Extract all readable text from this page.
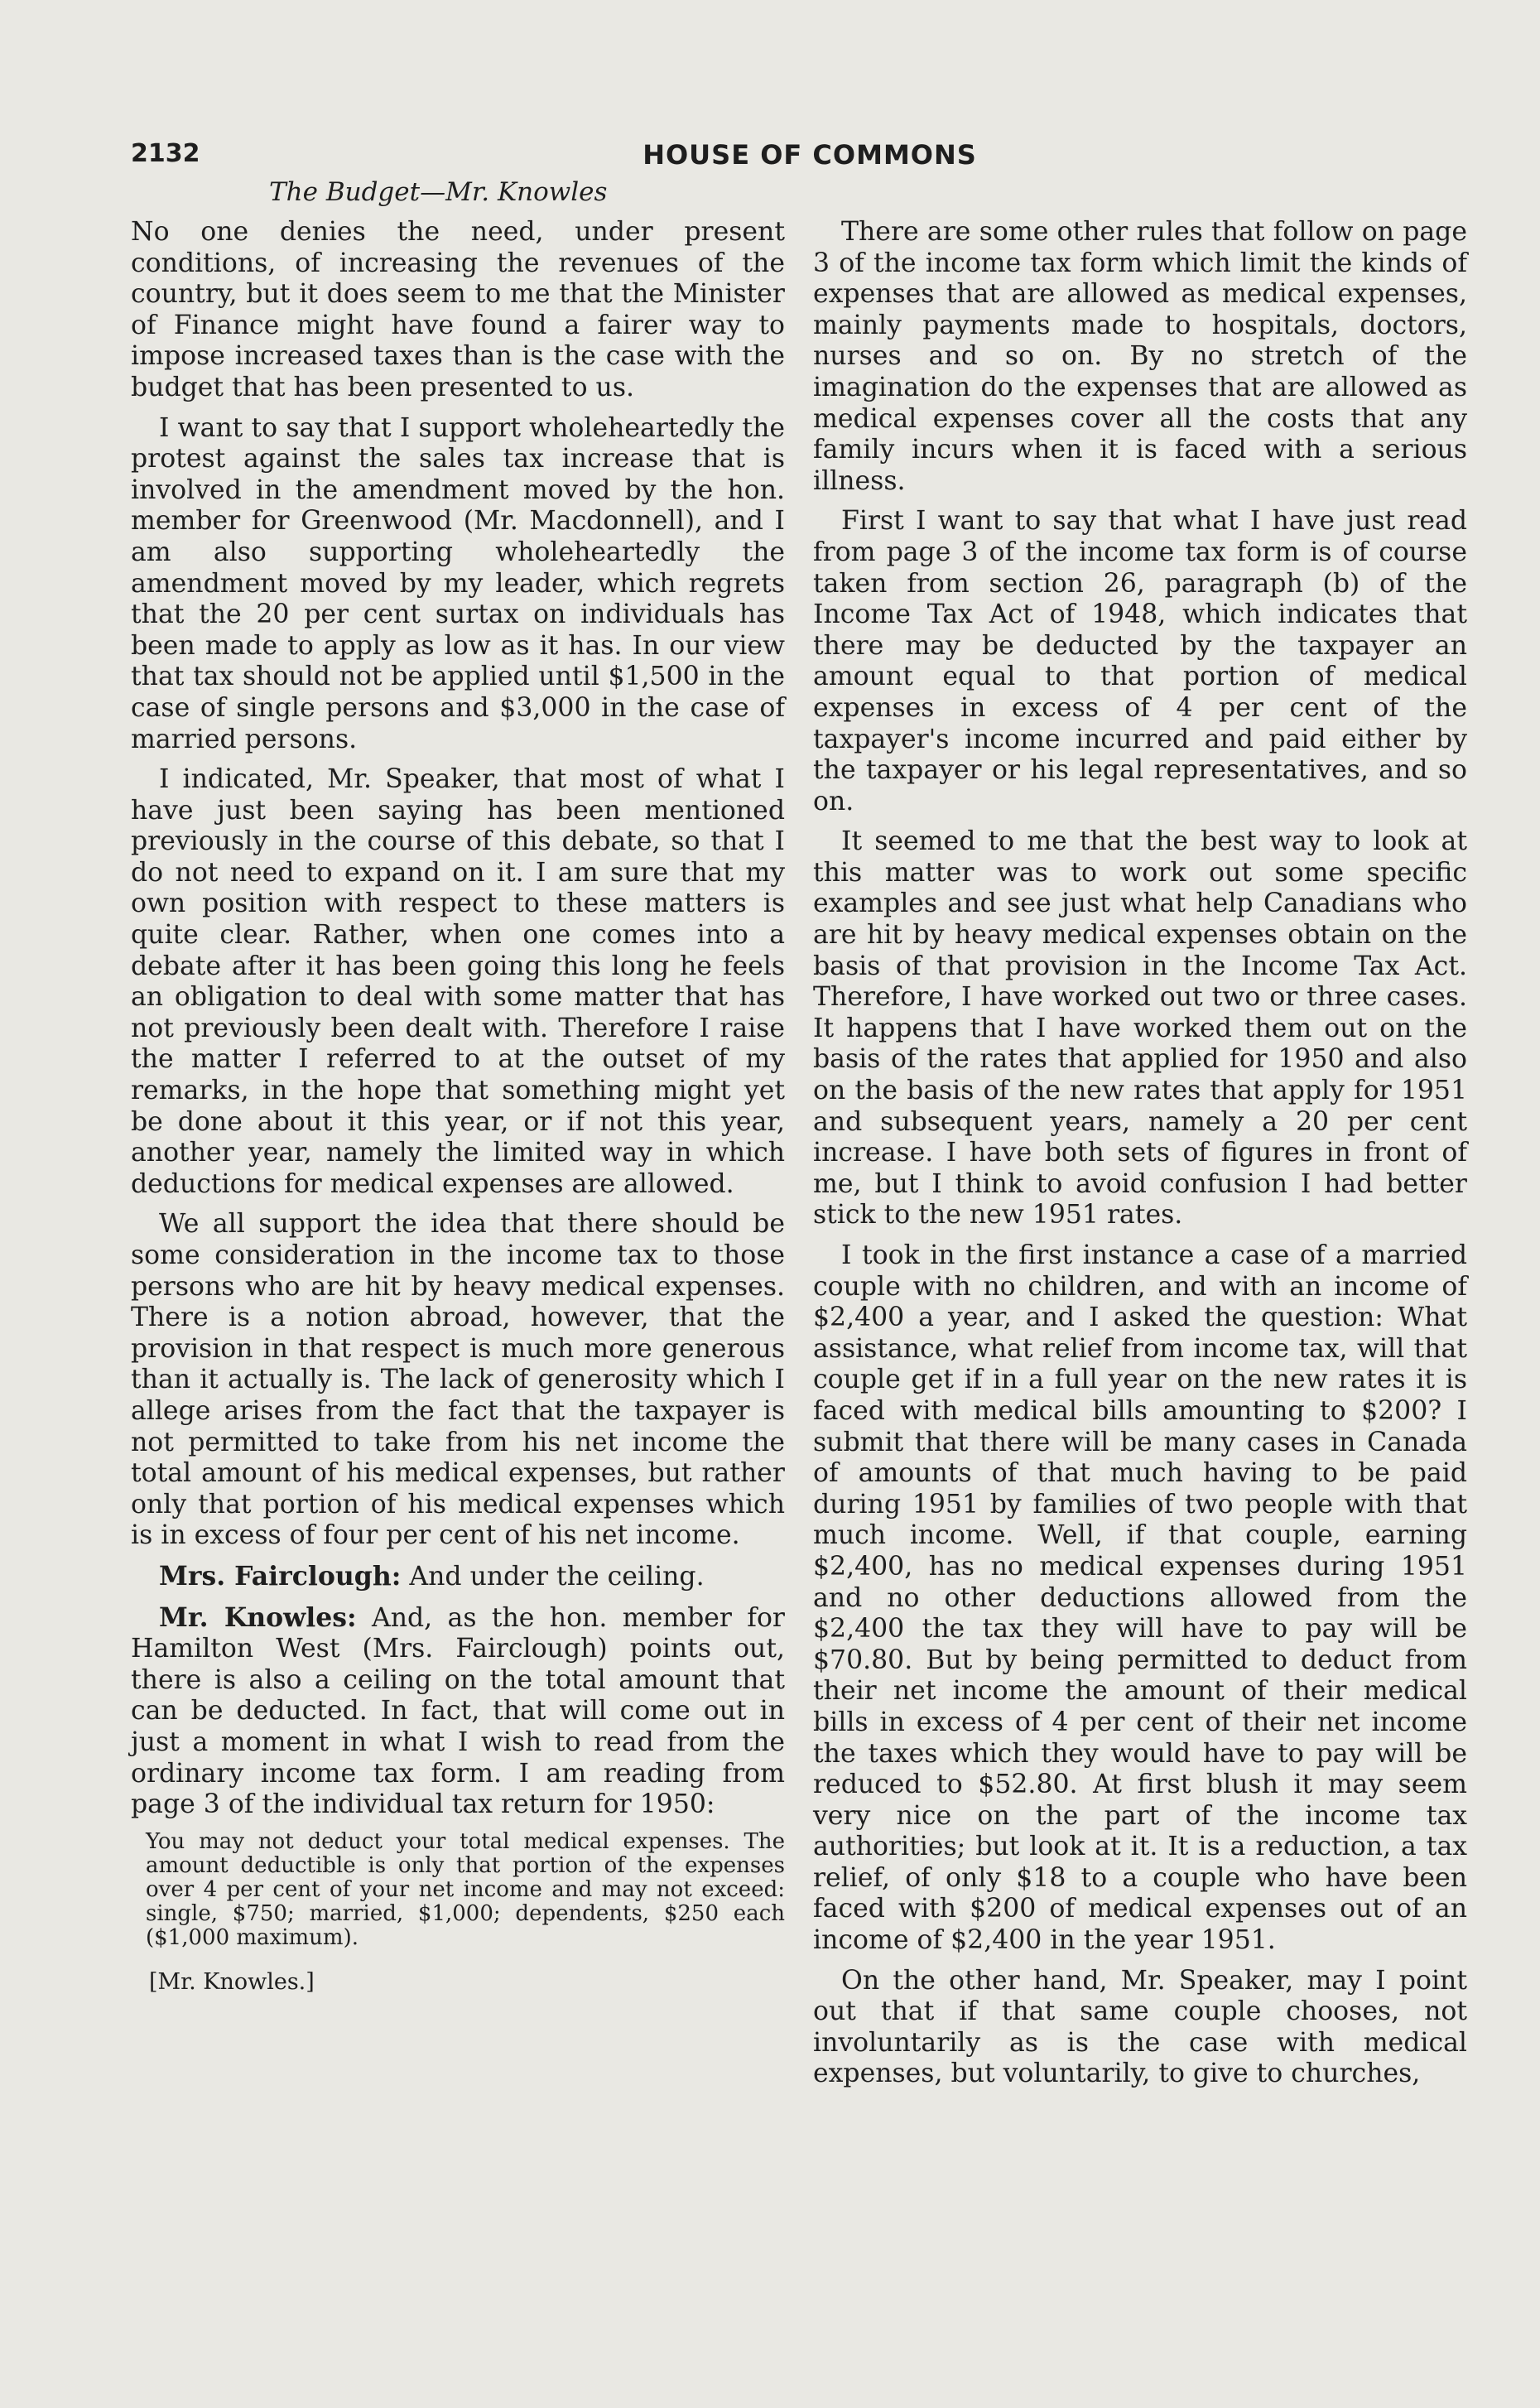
2132	HOUSE OF COMMONS
The Budget—Mr. Knowles

No one denies the need, under present conditions, of increasing the revenues of the country, but it does seem to me that the Minister of Finance might have found a fairer way to impose increased taxes than is the case with the budget that has been presented to us.

I want to say that I support wholeheartedly the protest against the sales tax increase that is involved in the amendment moved by the hon. member for Greenwood (Mr. Macdonnell), and I am also supporting wholeheartedly the amendment moved by my leader, which regrets that the 20 per cent surtax on individuals has been made to apply as low as it has. In our view that tax should not be applied until $1,500 in the case of single persons and $3,000 in the case of married persons.

I indicated, Mr. Speaker, that most of what I have just been saying has been mentioned previously in the course of this debate, so that I do not need to expand on it. I am sure that my own position with respect to these matters is quite clear. Rather, when one comes into a debate after it has been going this long he feels an obligation to deal with some matter that has not previously been dealt with. Therefore I raise the matter I referred to at the outset of my remarks, in the hope that something might yet be done about it this year, or if not this year, another year, namely the limited way in which deductions for medical expenses are allowed.

We all support the idea that there should be some consideration in the income tax to those persons who are hit by heavy medical expenses. There is a notion abroad, however, that the provision in that respect is much more generous than it actually is. The lack of generosity which I allege arises from the fact that the taxpayer is not permitted to take from his net income the total amount of his medical expenses, but rather only that portion of his medical expenses which is in excess of four per cent of his net income.

Mrs. Fairclough: And under the ceiling.

Mr. Knowles: And, as the hon. member for Hamilton West (Mrs. Fairclough) points out, there is also a ceiling on the total amount that can be deducted. In fact, that will come out in just a moment in what I wish to read from the ordinary income tax form. I am reading from page 3 of the individual tax return for 1950:

You may not deduct your total medical expenses. The amount deductible is only that portion of the expenses over 4 per cent of your net income and may not exceed: single, $750; married, $1,000; dependents, $250 each ($1,000 maximum).

[Mr. Knowles.]

There are some other rules that follow on page 3 of the income tax form which limit the kinds of expenses that are allowed as medical expenses, mainly payments made to hospitals, doctors, nurses and so on. By no stretch of the imagination do the expenses that are allowed as medical expenses cover all the costs that any family incurs when it is faced with a serious illness.

First I want to say that what I have just read from page 3 of the income tax form is of course taken from section 26, paragraph (b) of the Income Tax Act of 1948, which indicates that there may be deducted by the taxpayer an amount equal to that portion of medical expenses in excess of 4 per cent of the taxpayer's income incurred and paid either by the taxpayer or his legal representatives, and so on.

It seemed to me that the best way to look at this matter was to work out some specific examples and see just what help Canadians who are hit by heavy medical expenses obtain on the basis of that provision in the Income Tax Act. Therefore, I have worked out two or three cases. It happens that I have worked them out on the basis of the rates that applied for 1950 and also on the basis of the new rates that apply for 1951 and subsequent years, namely a 20 per cent increase. I have both sets of figures in front of me, but I think to avoid confusion I had better stick to the new 1951 rates.

I took in the first instance a case of a married couple with no children, and with an income of $2,400 a year, and I asked the question: What assistance, what relief from income tax, will that couple get if in a full year on the new rates it is faced with medical bills amounting to $200? I submit that there will be many cases in Canada of amounts of that much having to be paid during 1951 by families of two people with that much income. Well, if that couple, earning $2,400, has no medical expenses during 1951 and no other deductions allowed from the $2,400 the tax they will have to pay will be $70.80. But by being permitted to deduct from their net income the amount of their medical bills in excess of 4 per cent of their net income the taxes which they would have to pay will be reduced to $52.80. At first blush it may seem very nice on the part of the income tax authorities; but look at it. It is a reduction, a tax relief, of only $18 to a couple who have been faced with $200 of medical expenses out of an income of $2,400 in the year 1951.

On the other hand, Mr. Speaker, may I point out that if that same couple chooses, not involuntarily as is the case with medical expenses, but voluntarily, to give to churches,
